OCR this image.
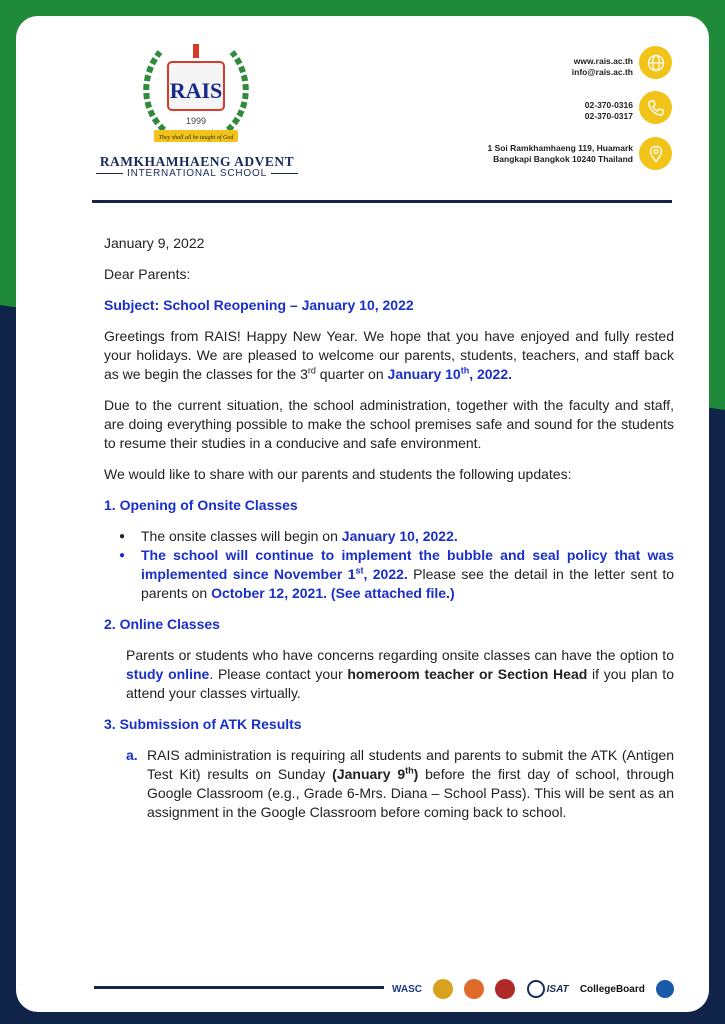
RAIS
1999
They shall all be taught of God
RAMKHAMHAENG ADVENT
INTERNATIONAL SCHOOL
www.rais.ac.th
info@rais.ac.th
02-370-0316
02-370-0317
1 Soi Ramkhamhaeng 119, Huamark
Bangkapi Bangkok 10240 Thailand

January 9, 2022

Dear Parents:

Subject: School Reopening – January 10, 2022

Greetings from RAIS! Happy New Year. We hope that you have enjoyed and fully rested your holidays. We are pleased to welcome our parents, students, teachers, and staff back as we begin the classes for the 3rd quarter on January 10th, 2022.

Due to the current situation, the school administration, together with the faculty and staff, are doing everything possible to make the school premises safe and sound for the students to resume their studies in a conducive and safe environment.

We would like to share with our parents and students the following updates:

1. Opening of Onsite Classes
● The onsite classes will begin on January 10, 2022.
● The school will continue to implement the bubble and seal policy that was implemented since November 1st, 2022. Please see the detail in the letter sent to parents on October 12, 2021. (See attached file.)
2. Online Classes

Parents or students who have concerns regarding onsite classes can have the option to study online. Please contact your homeroom teacher or Section Head if you plan to attend your classes virtually.

3. Submission of ATK Results
a. RAIS administration is requiring all students and parents to submit the ATK (Antigen Test Kit) results on Sunday (January 9th) before the first day of school, through Google Classroom (e.g., Grade 6-Mrs. Diana – School Pass). This will be sent as an assignment in the Google Classroom before coming back to school.
WASC	ISAT CollegeBoard
